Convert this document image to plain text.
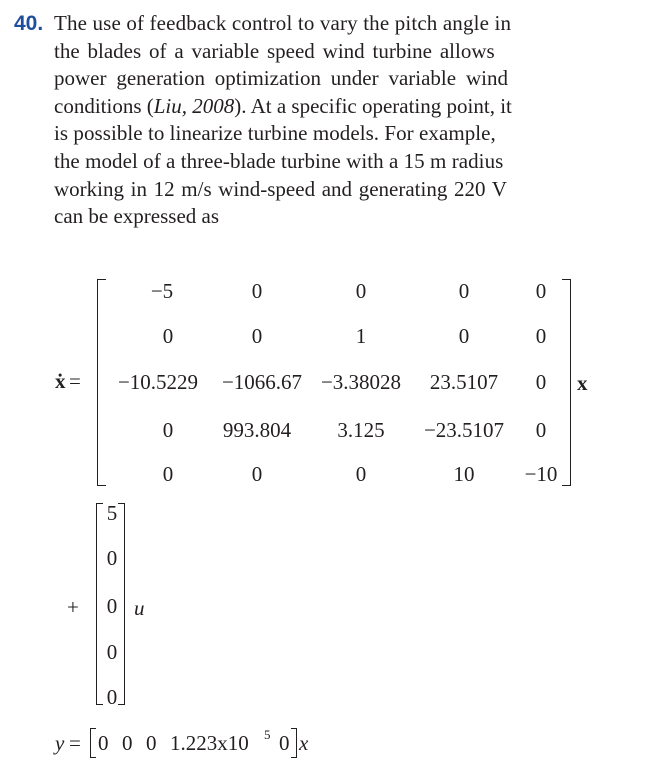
40. The use of feedback control to vary the pitch angle in
the blades of a variable speed wind turbine allows
power generation optimization under variable wind
conditions ( Liu, 2008 ). At a specific operating point, it
is possible to linearize turbine models. For example,
the model of a three-blade turbine with a 15 m radius
working in 12 m/s wind-speed and generating 220 V
can be expressed as
ẋ =
−5	0	0	0	0
0	0	1	0	0
−10.5229 −1066.67 −3.38028 23.5107 0
0 993.804 3.125 −23.5107 0
0	0	0	10 −10
x
+
5
0
0
0
0
u
y = 0 0 0 1.223x10 5 0 x
